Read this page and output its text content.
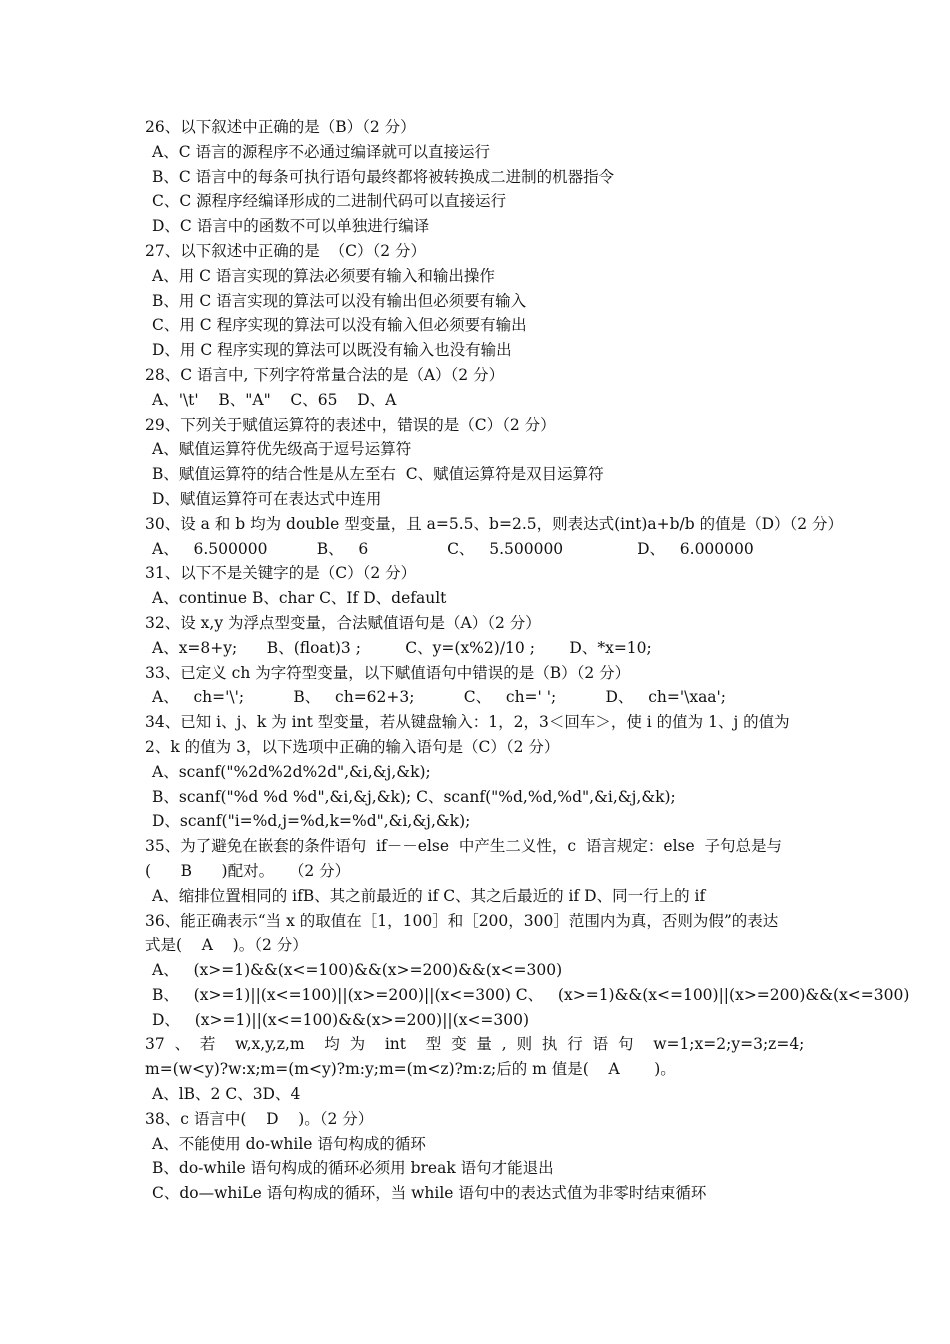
26、以下叙述中正确的是（B）（2 分）
A、C 语言的源程序不必通过编译就可以直接运行
B、C 语言中的每条可执行语句最终都将被转换成二进制的机器指令
C、C 源程序经编译形成的二进制代码可以直接运行
D、C 语言中的函数不可以单独进行编译
27、以下叙述中正确的是  （C）（2 分）
A、用 C 语言实现的算法必须要有输入和输出操作
B、用 C 语言实现的算法可以没有输出但必须要有输入
C、用 C 程序实现的算法可以没有输入但必须要有输出
D、用 C 程序实现的算法可以既没有输入也没有输出
28、C 语言中, 下列字符常量合法的是（A）（2 分）
A、'\t'    B、"A"    C、65    D、A
29、下列关于赋值运算符的表述中，错误的是（C）（2 分）
A、赋值运算符优先级高于逗号运算符
B、赋值运算符的结合性是从左至右  C、赋值运算符是双目运算符
D、赋值运算符可在表达式中连用
30、设 a 和 b 均为 double 型变量，且 a=5.5、b=2.5，则表达式(int)a+b/b 的值是（D）（2 分）
A、   6.500000          B、   6                C、   5.500000               D、   6.000000
31、以下不是关键字的是（C）（2 分）
A、continue B、char C、If D、default
32、设 x,y 为浮点型变量，合法赋值语句是（A）（2 分）
A、x=8+y;      B、(float)3 ;         C、y=(x%2)/10 ;       D、*x=10;
33、已定义 ch 为字符型变量，以下赋值语句中错误的是（B）（2 分）
A、   ch='\';          B、   ch=62+3;          C、   ch=' ';          D、   ch='\xaa';
34、已知 i、j、k 为 int 型变量，若从键盘输入：1，2，3＜回车＞，使 i 的值为 1、j 的值为
2、k 的值为 3，以下选项中正确的输入语句是（C）（2 分）
A、scanf("%2d%2d%2d",&i,&j,&k);
B、scanf("%d %d %d",&i,&j,&k); C、scanf("%d,%d,%d",&i,&j,&k);
D、scanf("i=%d,j=%d,k=%d",&i,&j,&k);
35、为了避免在嵌套的条件语句  if－－else  中产生二义性，c  语言规定：else  子句总是与
(      B      )配对。   （2 分）
A、缩排位置相同的 ifB、其之前最近的 if C、其之后最近的 if D、同一行上的 if
36、能正确表示“当 x 的取值在［1，100］和［200，300］范围内为真，否则为假”的表达
式是(    A    )。（2 分）
A、   (x>=1)&&(x<=100)&&(x>=200)&&(x<=300)
B、   (x>=1)||(x<=100)||(x>=200)||(x<=300) C、   (x>=1)&&(x<=100)||(x>=200)&&(x<=300)
D、   (x>=1)||(x<=100)&&(x>=200)||(x<=300)
37  、  若    w,x,y,z,m    均  为    int    型  变  量  ,  则  执  行  语  句    w=1;x=2;y=3;z=4;
m=(w<y)?w:x;m=(m<y)?m:y;m=(m<z)?m:z;后的 m 值是(    A       )。
A、lB、2 C、3D、4
38、c 语言中(    D    )。（2 分）
A、不能使用 do-while 语句构成的循环
B、do-while 语句构成的循环必须用 break 语句才能退出
C、do—whiLe 语句构成的循环，当 while 语句中的表达式值为非零时结束循环
